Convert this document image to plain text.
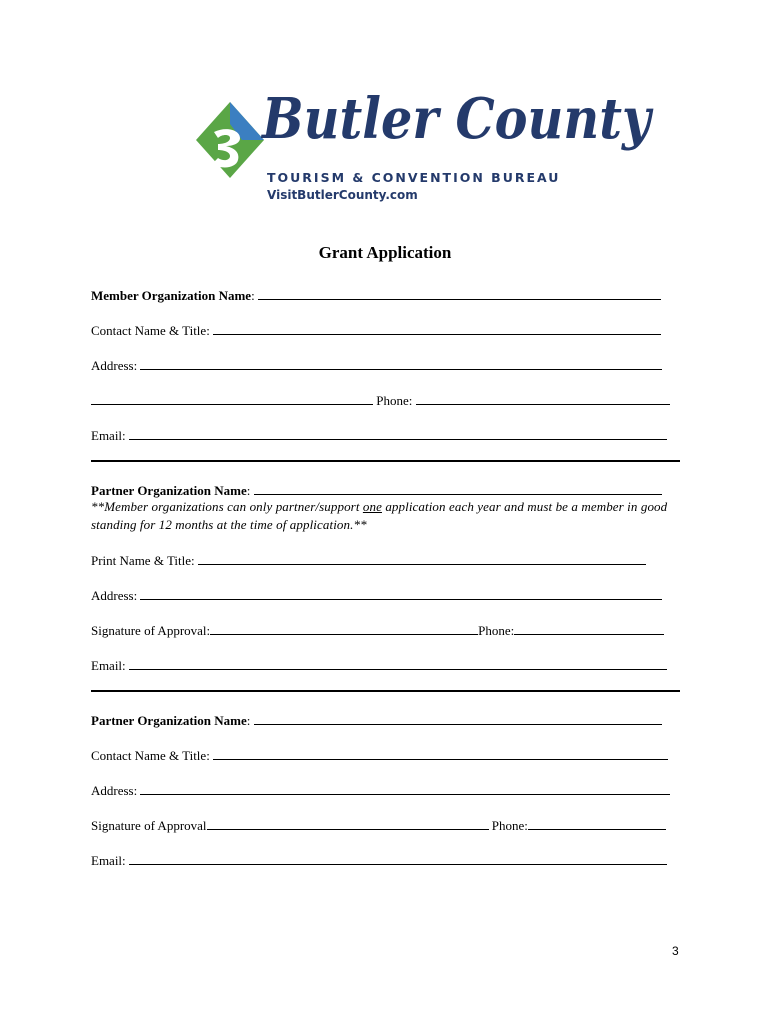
Butler County
TOURISM & CONVENTION BUREAU
VisitButlerCounty.com
Grant Application
Member Organization Name:
Contact Name & Title:
Address:
Phone:
Email:
Partner Organization Name:
**Member organizations can only partner/support one application each year and must be a member in good standing for 12 months at the time of application.**
Print Name & Title:
Address:
Signature of Approval:	Phone:
Email:
Partner Organization Name:
Contact Name & Title:
Address:
Signature of Approval	Phone:
Email:
3
